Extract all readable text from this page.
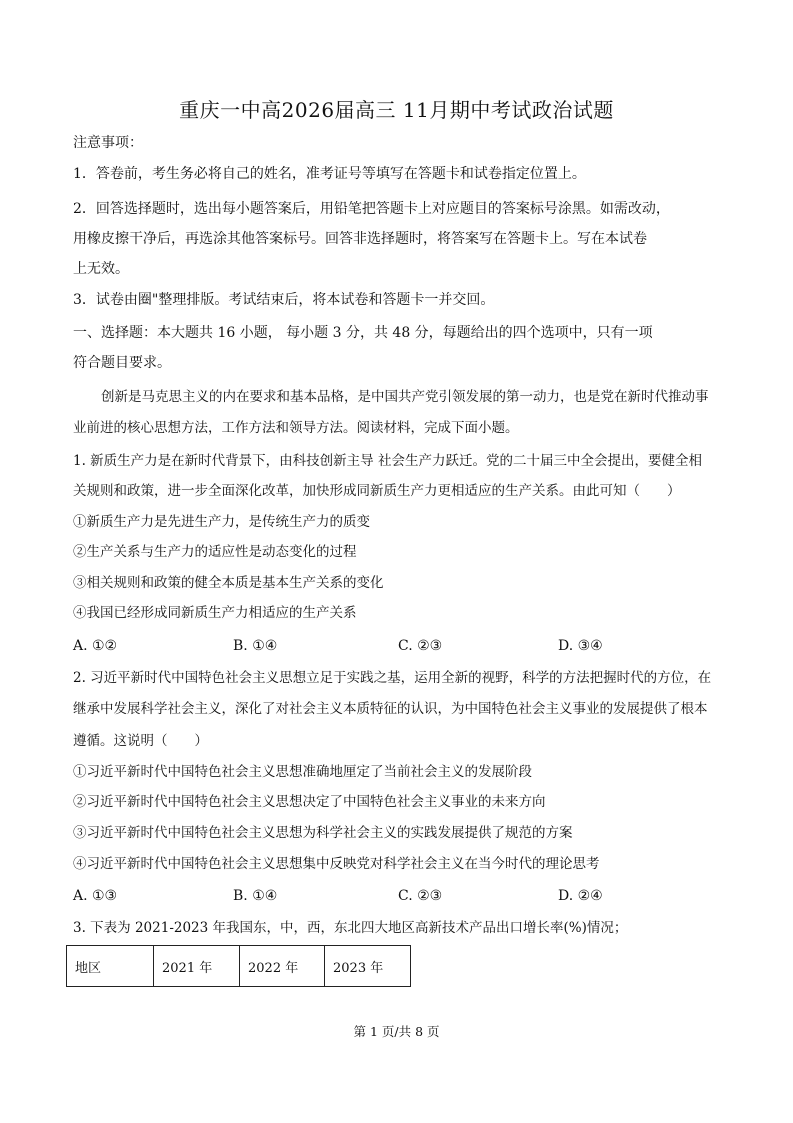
重庆一中高2026届高三 11月期中考试政治试题
注意事项：
1．答卷前，考生务必将自己的姓名，准考证号等填写在答题卡和试卷指定位置上。
2．回答选择题时，选出每小题答案后，用铅笔把答题卡上对应题目的答案标号涂黑。如需改动，
用橡皮擦干净后，再选涂其他答案标号。回答非选择题时，将答案写在答题卡上。写在本试卷
上无效。
3．试卷由圈"整理排版。考试结束后，将本试卷和答题卡一并交回。
一、选择题：本大题共 16 小题， 每小题 3 分，共 48 分，每题给出的四个选项中，只有一项
符合题目要求。
创新是马克思主义的内在要求和基本品格，是中国共产党引领发展的第一动力，也是党在新时代推动事
业前进的核心思想方法，工作方法和领导方法。阅读材料，完成下面小题。
1. 新质生产力是在新时代背景下，由科技创新主导 社会生产力跃迁。党的二十届三中全会提出，要健全相
关规则和政策，进一步全面深化改革，加快形成同新质生产力更相适应的生产关系。由此可知（　　）
①新质生产力是先进生产力，是传统生产力的质变
②生产关系与生产力的适应性是动态变化的过程
③相关规则和政策的健全本质是基本生产关系的变化
④我国已经形成同新质生产力相适应的生产关系
A. ①②	B. ①④	C. ②③	D. ③④
2. 习近平新时代中国特色社会主义思想立足于实践之基，运用全新的视野，科学的方法把握时代的方位，在
继承中发展科学社会主义，深化了对社会主义本质特征的认识，为中国特色社会主义事业的发展提供了根本
遵循。这说明（　　）
①习近平新时代中国特色社会主义思想准确地厘定了当前社会主义的发展阶段
②习近平新时代中国特色社会主义思想决定了中国特色社会主义事业的未来方向
③习近平新时代中国特色社会主义思想为科学社会主义的实践发展提供了规范的方案
④习近平新时代中国特色社会主义思想集中反映党对科学社会主义在当今时代的理论思考
A. ①③	B. ①④	C. ②③	D. ②④
3. 下表为 2021-2023 年我国东，中，西，东北四大地区高新技术产品出口增长率(%)情况；
地区	2021 年	2022 年	2023 年
第 1 页/共 8 页
